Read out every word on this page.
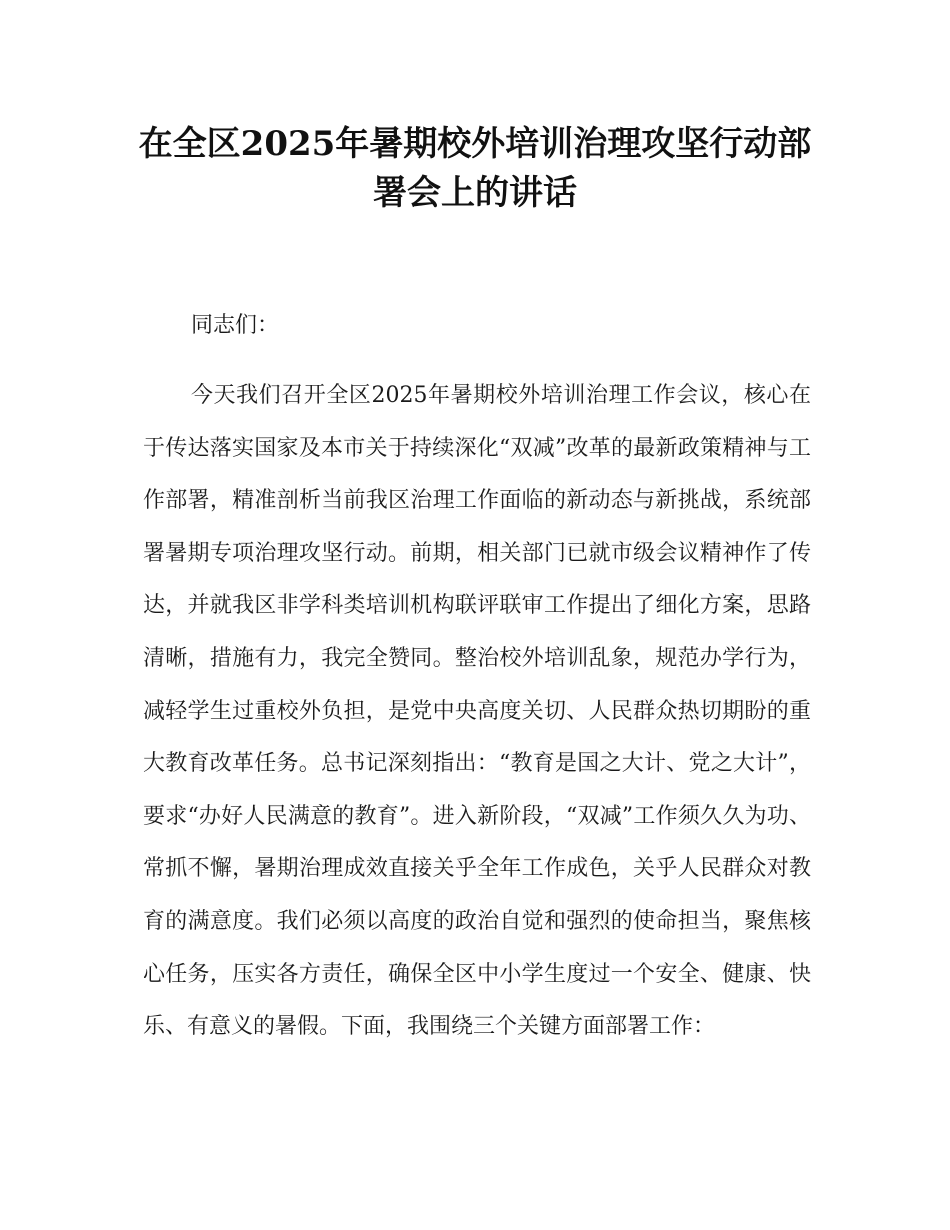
在全区2025年暑期校外培训治理攻坚行动部
署会上的讲话

同志们：

今天我们召开全区2025年暑期校外培训治理工作会议，核心在于传达落实国家及本市关于持续深化“双减”改革的最新政策精神与工作部署，精准剖析当前我区治理工作面临的新动态与新挑战，系统部署暑期专项治理攻坚行动。前期，相关部门已就市级会议精神作了传达，并就我区非学科类培训机构联评联审工作提出了细化方案，思路清晰，措施有力，我完全赞同。整治校外培训乱象，规范办学行为，减轻学生过重校外负担，是党中央高度关切、人民群众热切期盼的重大教育改革任务。总书记深刻指出：“教育是国之大计、党之大计”，要求“办好人民满意的教育”。进入新阶段，“双减”工作须久久为功、常抓不懈，暑期治理成效直接关乎全年工作成色，关乎人民群众对教育的满意度。我们必须以高度的政治自觉和强烈的使命担当，聚焦核心任务，压实各方责任，确保全区中小学生度过一个安全、健康、快乐、有意义的暑假。下面，我围绕三个关键方面部署工作：
